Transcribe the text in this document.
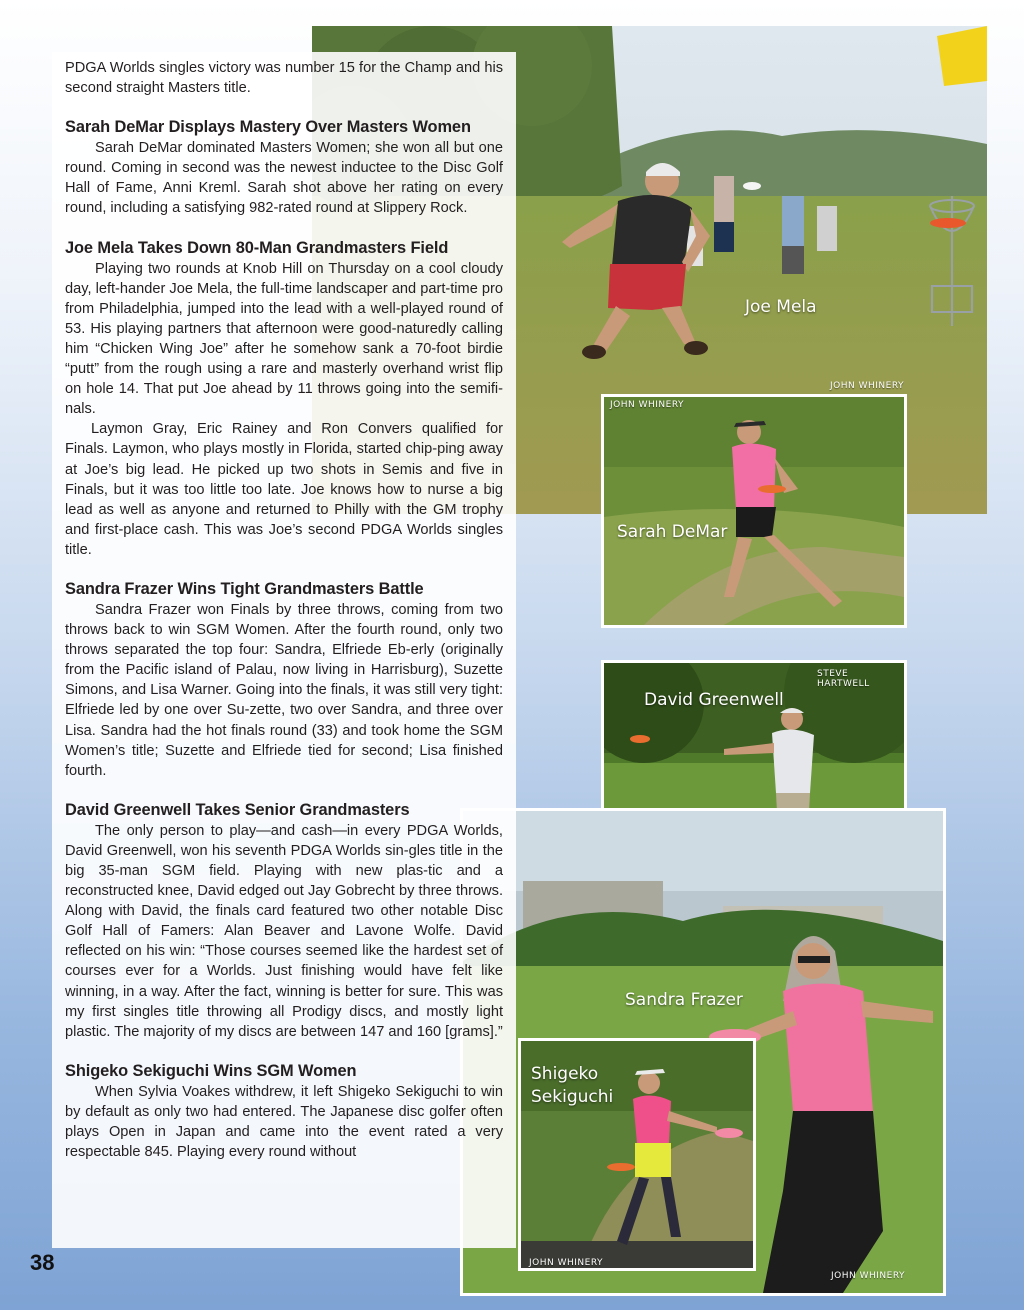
Joe Mela
JOHN WHINERY
JOHN WHINERY
Sarah DeMar
STEVE HARTWELL
David Greenwell
Sandra Frazer
JOHN WHINERY
Shigeko
Sekiguchi
JOHN WHINERY

PDGA Worlds singles victory was number 15 for the Champ and his second straight Masters title.

Sarah DeMar Displays Mastery Over Masters Women

Sarah DeMar dominated Masters Women; she won all but one round. Coming in second was the newest inductee to the Disc Golf Hall of Fame, Anni Kreml. Sarah shot above her rating on every round, including a satisfying 982-rated round at Slippery Rock.

Joe Mela Takes Down 80-Man Grandmasters Field

Playing two rounds at Knob Hill on Thursday on a cool cloudy day, left-hander Joe Mela, the full-time landscaper and part-time pro from Philadelphia, jumped into the lead with a well-played round of 53. His playing partners that afternoon were good-naturedly calling him “Chicken Wing Joe” after he somehow sank a 70-foot birdie “putt” from the rough using a rare and masterly overhand wrist flip on hole 14. That put Joe ahead by 11 throws going into the semifi-nals.

Laymon Gray, Eric Rainey and Ron Convers qualified for Finals. Laymon, who plays mostly in Florida, started chip-ping away at Joe’s big lead. He picked up two shots in Semis and five in Finals, but it was too little too late. Joe knows how to nurse a big lead as well as anyone and returned to Philly with the GM trophy and first-place cash. This was Joe’s second PDGA Worlds singles title.

Sandra Frazer Wins Tight Grandmasters Battle

Sandra Frazer won Finals by three throws, coming from two throws back to win SGM Women. After the fourth round, only two throws separated the top four: Sandra, Elfriede Eb-erly (originally from the Pacific island of Palau, now living in Harrisburg), Suzette Simons, and Lisa Warner. Going into the finals, it was still very tight: Elfriede led by one over Su-zette, two over Sandra, and three over Lisa. Sandra had the hot finals round (33) and took home the SGM Women’s title; Suzette and Elfriede tied for second; Lisa finished fourth.

David Greenwell Takes Senior Grandmasters

The only person to play—and cash—in every PDGA Worlds, David Greenwell, won his seventh PDGA Worlds sin-gles title in the big 35-man SGM field. Playing with new plas-tic and a reconstructed knee, David edged out Jay Gobrecht by three throws. Along with David, the finals card featured two other notable Disc Golf Hall of Famers: Alan Beaver and Lavone Wolfe. David reflected on his win: “Those courses seemed like the hardest set of courses ever for a Worlds. Just finishing would have felt like winning, in a way. After the fact, winning is better for sure. This was my first singles title throwing all Prodigy discs, and mostly light plastic. The majority of my discs are between 147 and 160 [grams].”

Shigeko Sekiguchi Wins SGM Women

When Sylvia Voakes withdrew, it left Shigeko Sekiguchi to win by default as only two had entered. The Japanese disc golfer often plays Open in Japan and came into the event rated a very respectable 845. Playing every round without

38
